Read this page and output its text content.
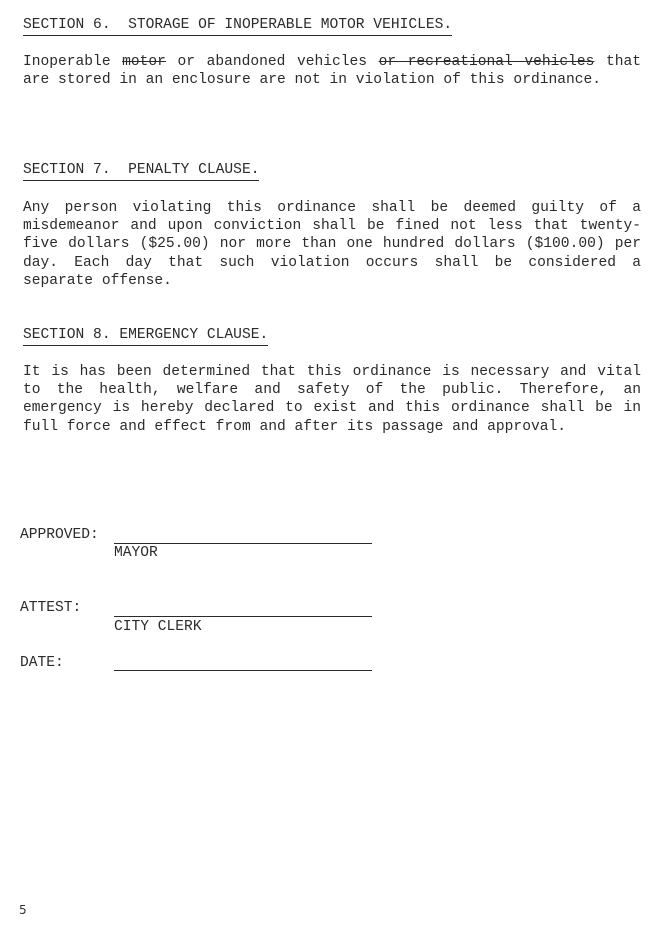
SECTION 6.  STORAGE OF INOPERABLE MOTOR VEHICLES.

Inoperable motor or abandoned vehicles or recreational vehicles that are stored in an enclosure are not in violation of this ordinance.

SECTION 7.  PENALTY CLAUSE.

Any person violating this ordinance shall be deemed guilty of a misdemeanor and upon conviction shall be fined not less that twenty-five dollars ($25.00) nor more than one hundred dollars ($100.00) per day. Each day that such violation occurs shall be considered a separate offense.

SECTION 8. EMERGENCY CLAUSE.

It is has been determined that this ordinance is necessary and vital to the health, welfare and safety of the public. Therefore, an emergency is hereby declared to exist and this ordinance shall be in full force and effect from and after its passage and approval.

APPROVED:
MAYOR
ATTEST:
CITY CLERK
DATE:
5
